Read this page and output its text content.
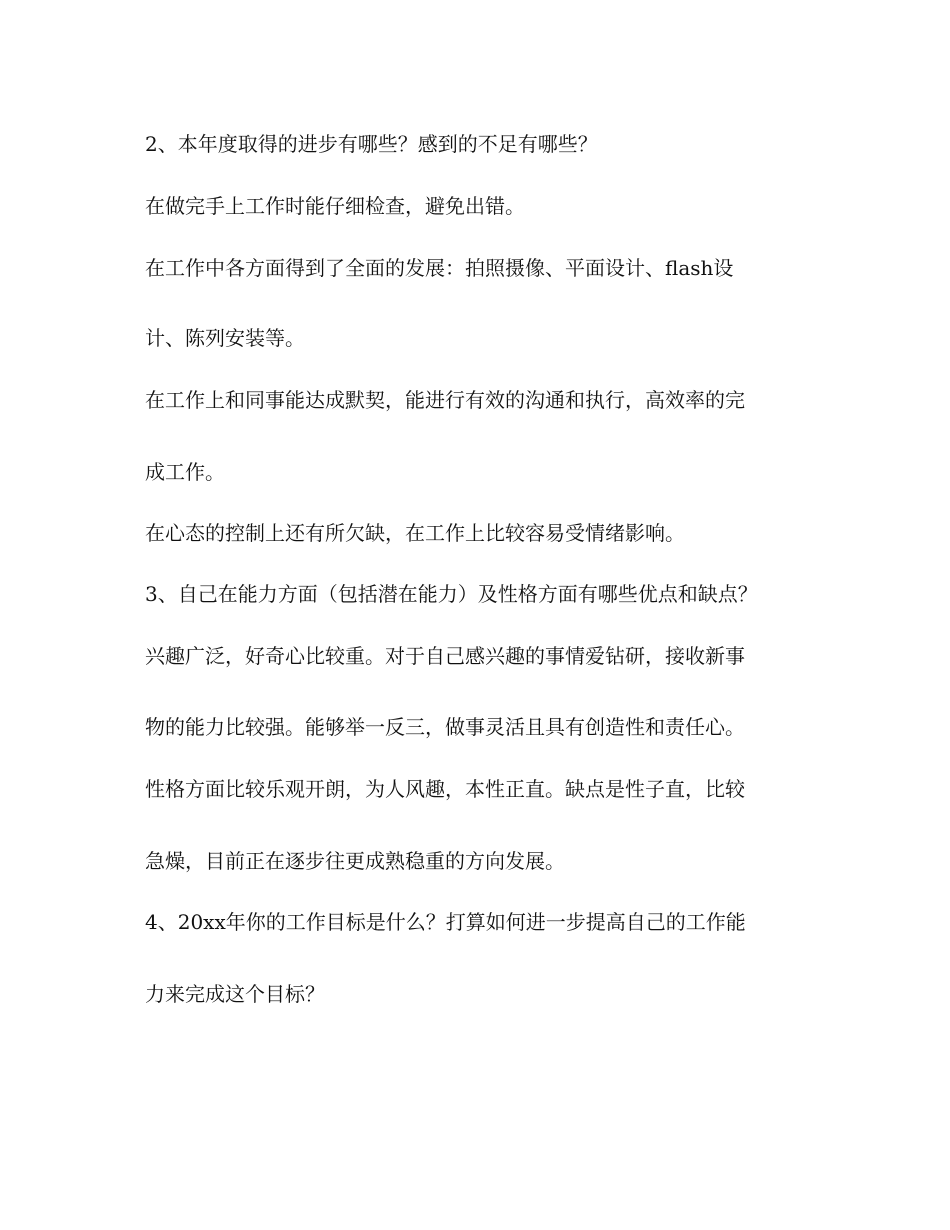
2、本年度取得的进步有哪些？感到的不足有哪些？

在做完手上工作时能仔细检查，避免出错。

在工作中各方面得到了全面的发展：拍照摄像、平面设计、flash设

计、陈列安装等。

在工作上和同事能达成默契，能进行有效的沟通和执行，高效率的完

成工作。

在心态的控制上还有所欠缺，在工作上比较容易受情绪影响。

3、自己在能力方面（包括潜在能力）及性格方面有哪些优点和缺点？

兴趣广泛，好奇心比较重。对于自己感兴趣的事情爱钻研，接收新事

物的能力比较强。能够举一反三，做事灵活且具有创造性和责任心。

性格方面比较乐观开朗，为人风趣，本性正直。缺点是性子直，比较

急燥，目前正在逐步往更成熟稳重的方向发展。

4、20xx年你的工作目标是什么？打算如何进一步提高自己的工作能

力来完成这个目标？
